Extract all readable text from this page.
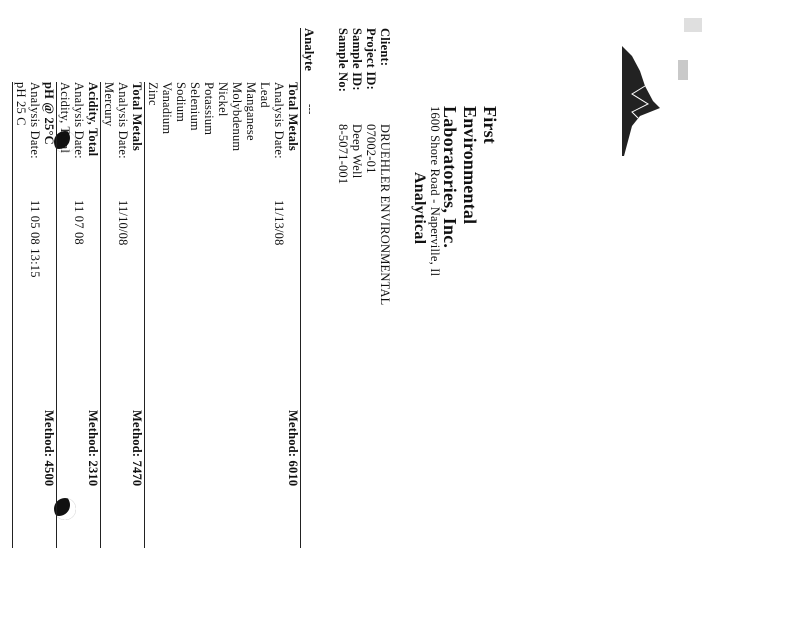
First
Environmental
Laboratories, Inc.
1600 Shore Road - Naperville, Il
Analytical
Client:
DRUEHLER ENVIRONMENTAL
Project ID:
07002-01
Sample ID:
Deep Well
Sample No:
8-5071-001
Analyte
---
Total Metals
Method: 6010
Analysis Date:
11/13/08
Lead
Manganese
Molybdenum
Nickel
Potassium
Selenium
Sodium
Vanadium
Zinc
Total Metals
Method: 7470
Analysis Date:
11/10/08
Mercury
Acidity, Total
Method: 2310
Analysis Date:
11 07 08
Acidity, Total
pH @ 25°C
Method: 4500
Analysis Date:
11 05 08 13:15
pH 25 C
